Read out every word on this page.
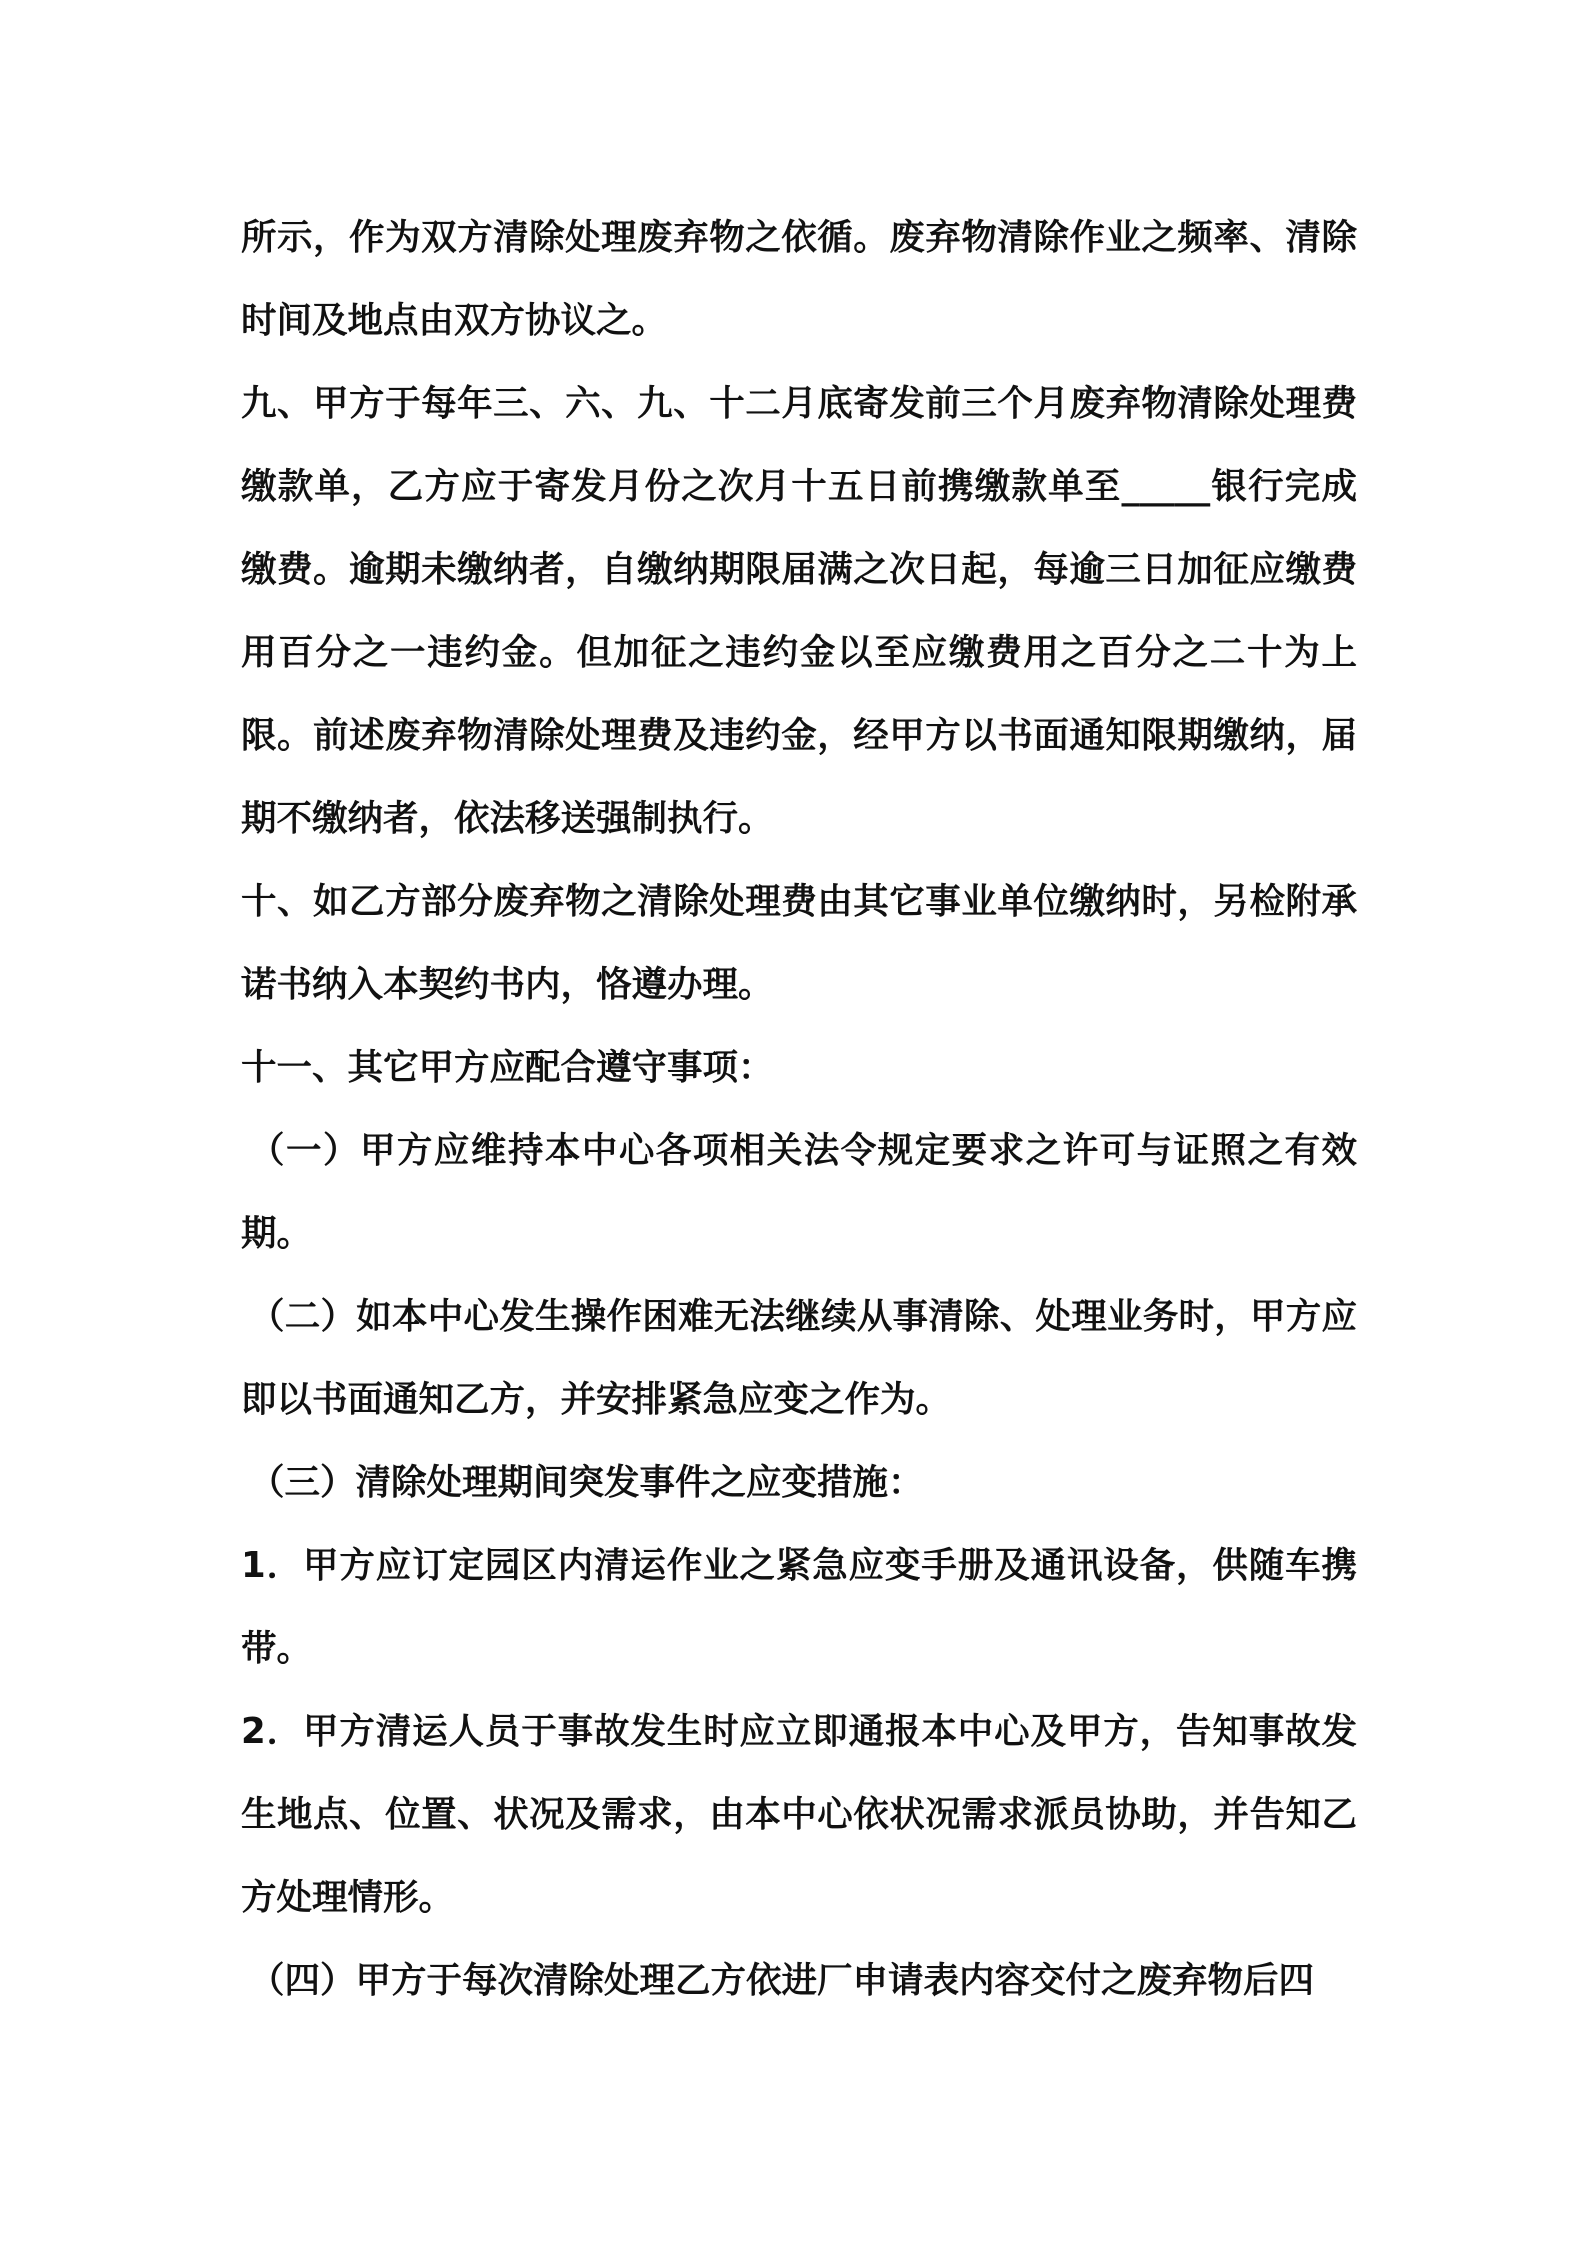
所示，作为双方清除处理废弃物之依循。废弃物清除作业之频率、清除时间及地点由双方协议之。

九、甲方于每年三、六、九、十二月底寄发前三个月废弃物清除处理费缴款单，乙方应于寄发月份之次月十五日前携缴款单至_____银行完成缴费。逾期未缴纳者，自缴纳期限届满之次日起，每逾三日加征应缴费用百分之一违约金。但加征之违约金以至应缴费用之百分之二十为上限。前述废弃物清除处理费及违约金，经甲方以书面通知限期缴纳，届期不缴纳者，依法移送强制执行。

十、如乙方部分废弃物之清除处理费由其它事业单位缴纳时，另检附承诺书纳入本契约书内，恪遵办理。

十一、其它甲方应配合遵守事项：

（一）甲方应维持本中心各项相关法令规定要求之许可与证照之有效期。

（二）如本中心发生操作困难无法继续从事清除、处理业务时，甲方应即以书面通知乙方，并安排紧急应变之作为。

（三）清除处理期间突发事件之应变措施：

1．甲方应订定园区内清运作业之紧急应变手册及通讯设备，供随车携带。

2．甲方清运人员于事故发生时应立即通报本中心及甲方，告知事故发生地点、位置、状况及需求，由本中心依状况需求派员协助，并告知乙方处理情形。

（四）甲方于每次清除处理乙方依进厂申请表内容交付之废弃物后四
